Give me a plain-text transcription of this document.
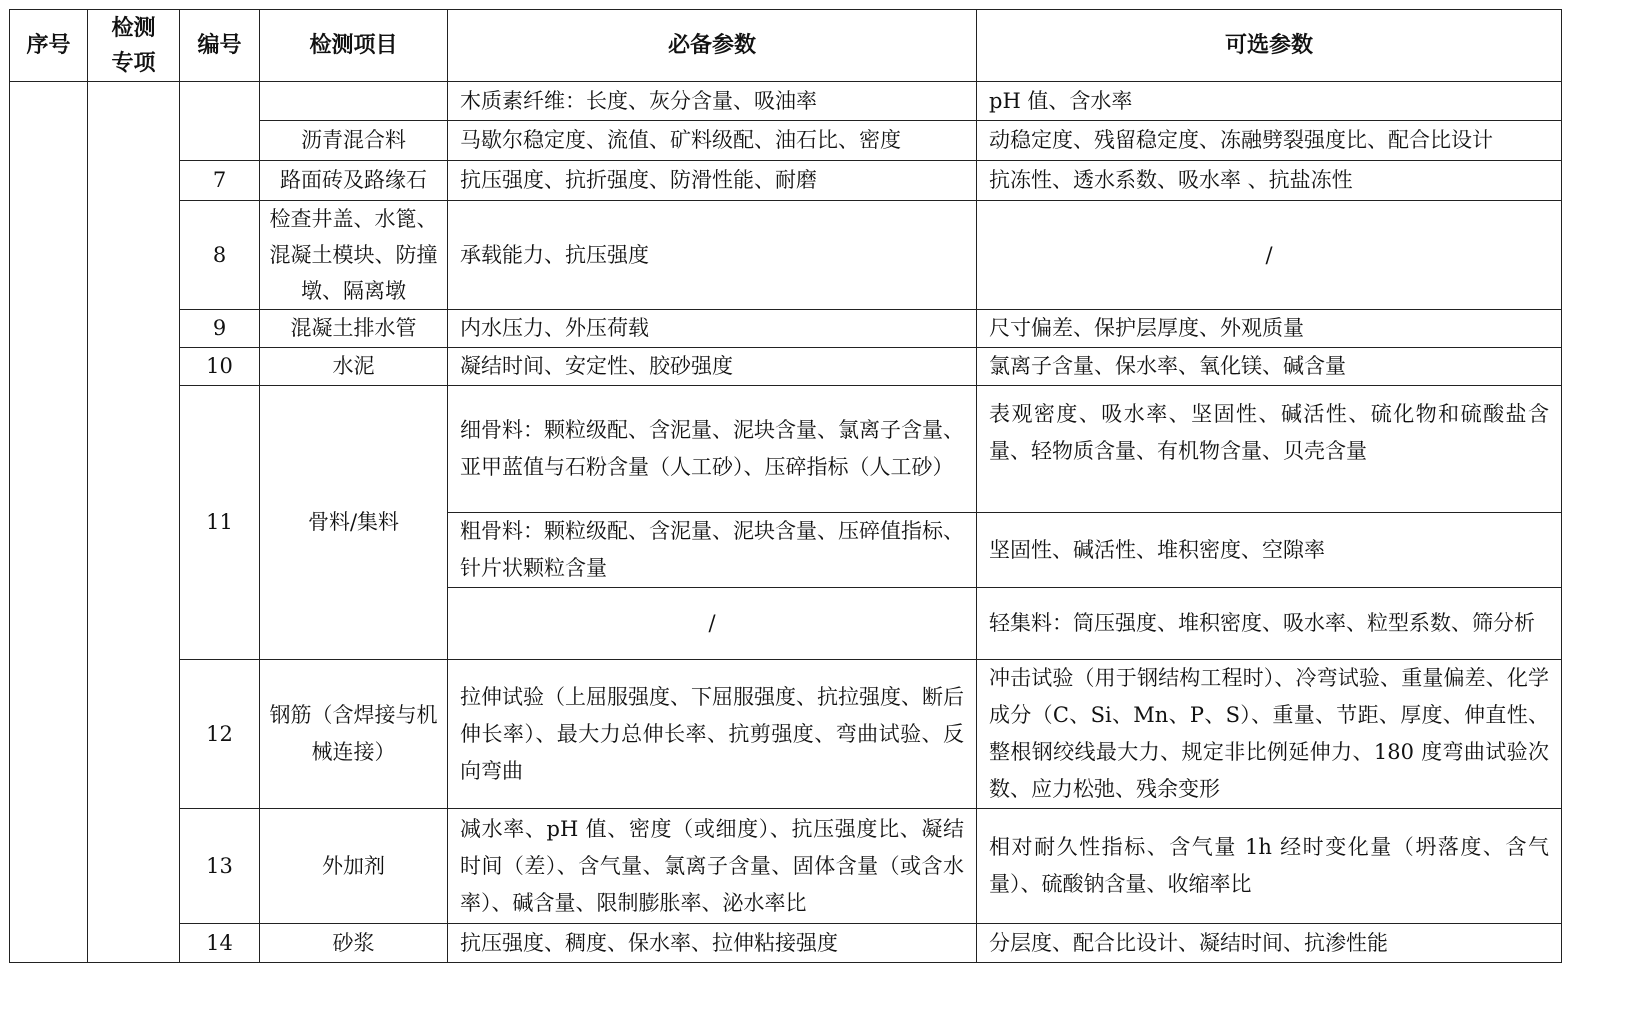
序号	检测专项	编号	检测项目	必备参数	可选参数
				木质素纤维：长度、灰分含量、吸油率	pH 值、含水率
			沥青混合料	马歇尔稳定度、流值、矿料级配、油石比、密度	动稳定度、残留稳定度、冻融劈裂强度比、配合比设计
		7	路面砖及路缘石	抗压强度、抗折强度、防滑性能、耐磨	抗冻性、透水系数、吸水率 、抗盐冻性
		8	检查井盖、水篦、混凝土模块、防撞墩、隔离墩	承载能力、抗压强度	/
		9	混凝土排水管	内水压力、外压荷载	尺寸偏差、保护层厚度、外观质量
		10	水泥	凝结时间、安定性、胶砂强度	氯离子含量、保水率、氧化镁、碱含量
		11	骨料/集料	细骨料：颗粒级配、含泥量、泥块含量、氯离子含量、亚甲蓝值与石粉含量（人工砂）、压碎指标（人工砂）	表观密度、吸水率、坚固性、碱活性、硫化物和硫酸盐含量、轻物质含量、有机物含量、贝壳含量
				粗骨料：颗粒级配、含泥量、泥块含量、压碎值指标、针片状颗粒含量	坚固性、碱活性、堆积密度、空隙率
				/	轻集料：筒压强度、堆积密度、吸水率、粒型系数、筛分析
		12	钢筋（含焊接与机械连接）	拉伸试验（上屈服强度、下屈服强度、抗拉强度、断后伸长率）、最大力总伸长率、抗剪强度、弯曲试验、反向弯曲	冲击试验（用于钢结构工程时）、冷弯试验、重量偏差、化学成分（C、Si、Mn、P、S）、重量、节距、厚度、伸直性、整根钢绞线最大力、规定非比例延伸力、180 度弯曲试验次数、应力松弛、残余变形
		13	外加剂	减水率、pH 值、密度（或细度）、抗压强度比、凝结时间（差）、含气量、氯离子含量、固体含量（或含水率）、碱含量、限制膨胀率、泌水率比	相对耐久性指标、含气量 1h 经时变化量（坍落度、含气量）、硫酸钠含量、收缩率比
		14	砂浆	抗压强度、稠度、保水率、拉伸粘接强度	分层度、配合比设计、凝结时间、抗渗性能
